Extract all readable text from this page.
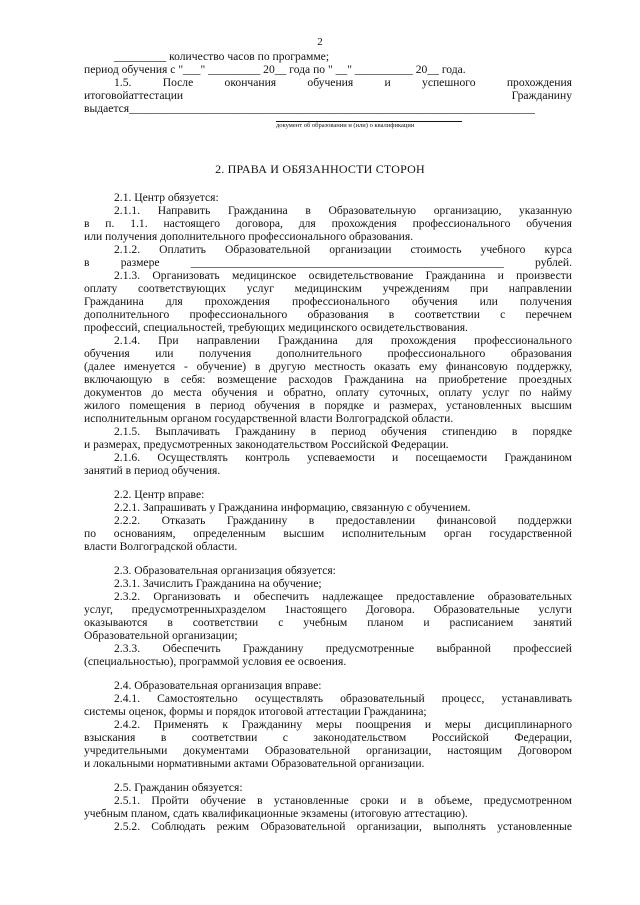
2
_________ количество часов по программе;
период обучения с "___" _________ 20__ года по " __" __________ 20__ года.
1.5. После окончания обучения и успешного прохождения
итоговойаттестации Гражданину
выдается______________________________________________________________________
документ об образовании и (или) о квалификации
2. ПРАВА И ОБЯЗАННОСТИ СТОРОН
2.1. Центр обязуется:
2.1.1. Направить Гражданина в Образовательную организацию, указанную
в п. 1.1. настоящего договора, для прохождения профессионального обучения
или получения дополнительного профессионального образования.
2.1.2. Оплатить Образовательной организации стоимость учебного курса
в размере ______________________________________________________ рублей.
2.1.3. Организовать медицинское освидетельствование Гражданина и произвести
оплату соответствующих услуг медицинским учреждениям при направлении
Гражданина для прохождения профессионального обучения или получения
дополнительного профессионального образования в соответствии с перечнем
профессий, специальностей, требующих медицинского освидетельствования.
2.1.4. При направлении Гражданина для прохождения профессионального
обучения или получения дополнительного профессионального образования
(далее именуется - обучение) в другую местность оказать ему финансовую поддержку,
включающую в себя: возмещение расходов Гражданина на приобретение проездных
документов до места обучения и обратно, оплату суточных, оплату услуг по найму
жилого помещения в период обучения в порядке и размерах, установленных высшим
исполнительным органом государственной власти Волгоградской области.
2.1.5. Выплачивать Гражданину в период обучения стипендию в порядке
и размерах, предусмотренных законодательством Российской Федерации.
2.1.6. Осуществлять контроль успеваемости и посещаемости Гражданином
занятий в период обучения.
2.2. Центр вправе:
2.2.1. Запрашивать у Гражданина информацию, связанную с обучением.
2.2.2. Отказать Гражданину в предоставлении финансовой поддержки
по основаниям, определенным высшим исполнительным орган государственной
власти Волгоградской области.
2.3. Образовательная организация обязуется:
2.3.1. Зачислить Гражданина на обучение;
2.3.2. Организовать и обеспечить надлежащее предоставление образовательных
услуг, предусмотренныхразделом 1настоящего Договора. Образовательные услуги
оказываются в соответствии с учебным планом и расписанием занятий
Образовательной организации;
2.3.3. Обеспечить Гражданину предусмотренные выбранной профессией
(специальностью), программой условия ее освоения.
2.4. Образовательная организация вправе:
2.4.1. Самостоятельно осуществлять образовательный процесс, устанавливать
системы оценок, формы и порядок итоговой аттестации Гражданина;
2.4.2. Применять к Гражданину меры поощрения и меры дисциплинарного
взыскания в соответствии с законодательством Российской Федерации,
учредительными документами Образовательной организации, настоящим Договором
и локальными нормативными актами Образовательной организации.
2.5. Гражданин обязуется:
2.5.1. Пройти обучение в установленные сроки и в объеме, предусмотренном
учебным планом, сдать квалификационные экзамены (итоговую аттестацию).
2.5.2. Соблюдать режим Образовательной организации, выполнять установленные
